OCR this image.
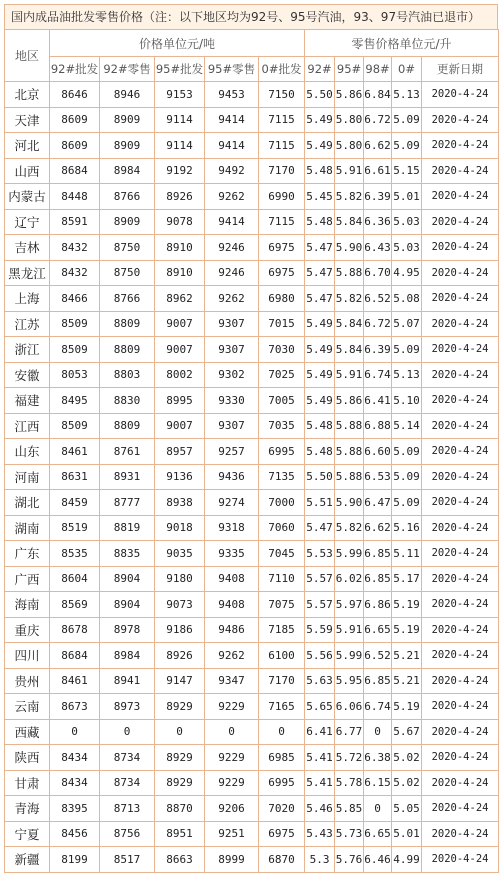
国内成品油批发零售价格（注：以下地区均为92号、95号汽油，93、97号汽油已退市）
地区	价格单位元/吨					零售价格单位元/升				
	92#批发	92#零售	95#批发	95#零售	0#批发	92#	95#	98#	0#	更新日期
北京	8646	8946	9153	9453	7150	5.50	5.86	6.84	5.13	2020-4-24
天津	8609	8909	9114	9414	7115	5.49	5.80	6.72	5.09	2020-4-24
河北	8609	8909	9114	9414	7115	5.49	5.80	6.62	5.09	2020-4-24
山西	8684	8984	9192	9492	7170	5.48	5.91	6.61	5.15	2020-4-24
内蒙古	8448	8766	8926	9262	6990	5.45	5.82	6.39	5.01	2020-4-24
辽宁	8591	8909	9078	9414	7115	5.48	5.84	6.36	5.03	2020-4-24
吉林	8432	8750	8910	9246	6975	5.47	5.90	6.43	5.03	2020-4-24
黑龙江	8432	8750	8910	9246	6975	5.47	5.88	6.70	4.95	2020-4-24
上海	8466	8766	8962	9262	6980	5.47	5.82	6.52	5.08	2020-4-24
江苏	8509	8809	9007	9307	7015	5.49	5.84	6.72	5.07	2020-4-24
浙江	8509	8809	9007	9307	7030	5.49	5.84	6.39	5.09	2020-4-24
安徽	8053	8803	8002	9302	7025	5.49	5.91	6.74	5.13	2020-4-24
福建	8495	8830	8995	9330	7005	5.49	5.86	6.41	5.10	2020-4-24
江西	8509	8809	9007	9307	7035	5.48	5.88	6.88	5.14	2020-4-24
山东	8461	8761	8957	9257	6995	5.48	5.88	6.60	5.09	2020-4-24
河南	8631	8931	9136	9436	7135	5.50	5.88	6.53	5.09	2020-4-24
湖北	8459	8777	8938	9274	7000	5.51	5.90	6.47	5.09	2020-4-24
湖南	8519	8819	9018	9318	7060	5.47	5.82	6.62	5.16	2020-4-24
广东	8535	8835	9035	9335	7045	5.53	5.99	6.85	5.11	2020-4-24
广西	8604	8904	9180	9408	7110	5.57	6.02	6.85	5.17	2020-4-24
海南	8569	8904	9073	9408	7075	5.57	5.97	6.86	5.19	2020-4-24
重庆	8678	8978	9186	9486	7185	5.59	5.91	6.65	5.19	2020-4-24
四川	8684	8984	8926	9262	6100	5.56	5.99	6.52	5.21	2020-4-24
贵州	8461	8941	9147	9347	7170	5.63	5.95	6.85	5.21	2020-4-24
云南	8673	8973	8929	9229	7165	5.65	6.06	6.74	5.19	2020-4-24
西藏	0	0	0	0	0	6.41	6.77	0	5.67	2020-4-24
陕西	8434	8734	8929	9229	6985	5.41	5.72	6.38	5.02	2020-4-24
甘肃	8434	8734	8929	9229	6995	5.41	5.78	6.15	5.02	2020-4-24
青海	8395	8713	8870	9206	7020	5.46	5.85	0	5.05	2020-4-24
宁夏	8456	8756	8951	9251	6975	5.43	5.73	6.65	5.01	2020-4-24
新疆	8199	8517	8663	8999	6870	5.3	5.76	6.46	4.99	2020-4-24
